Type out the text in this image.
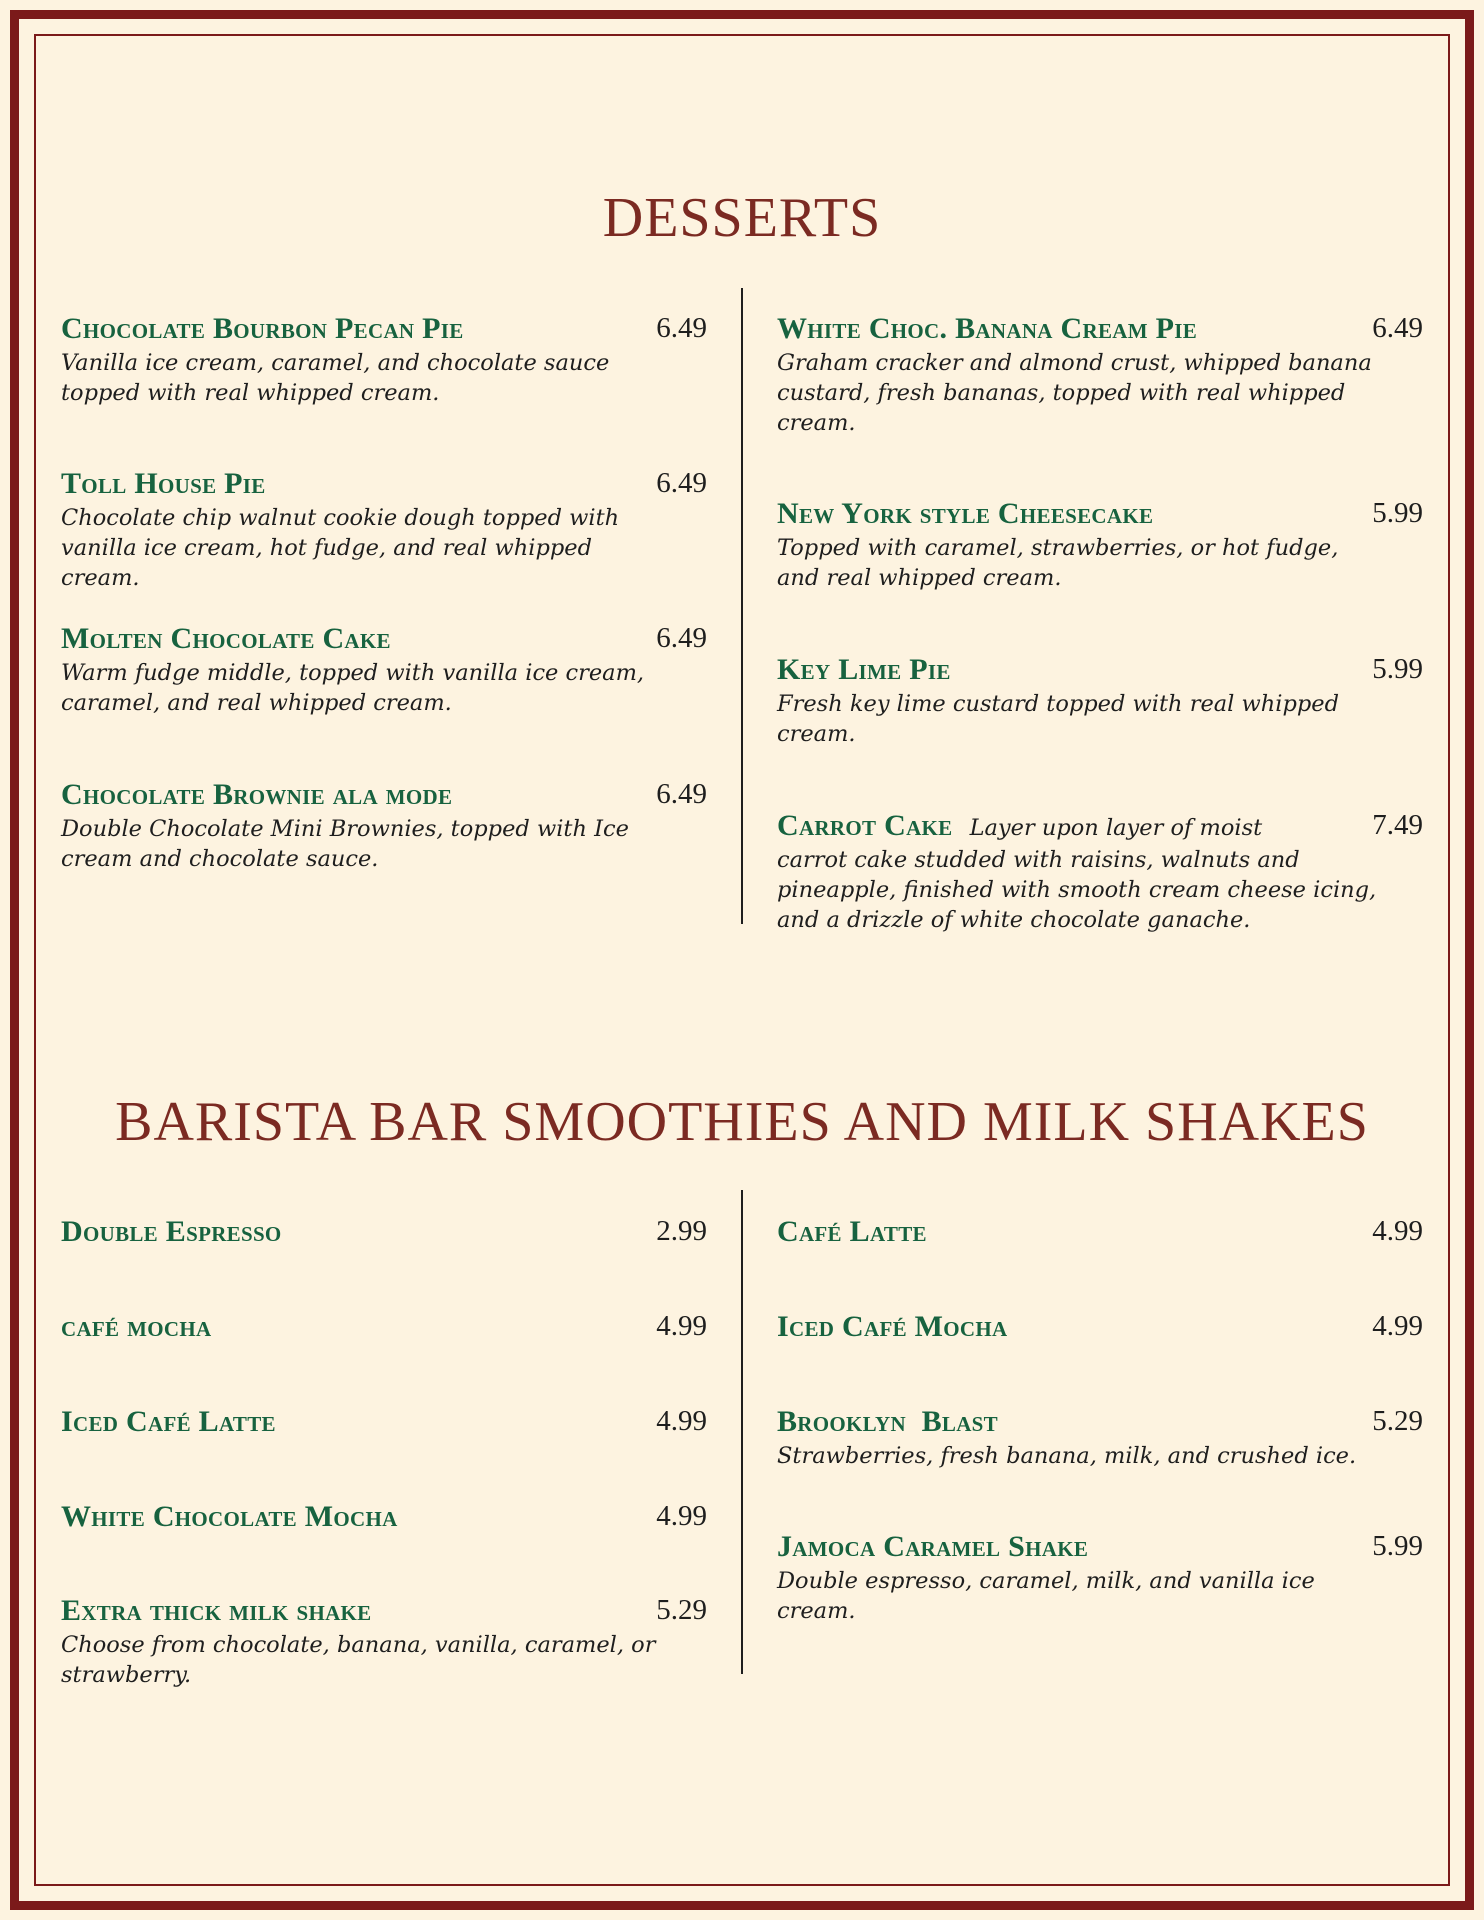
DESSERTS
Chocolate Bourbon Pecan Pie	6.49
Vanilla ice cream, caramel, and chocolate sauce topped with real whipped cream.
Toll House Pie	6.49
Chocolate chip walnut cookie dough topped with vanilla ice cream, hot fudge, and real whipped cream.
Molten Chocolate Cake	6.49
Warm fudge middle, topped with vanilla ice cream, caramel, and real whipped cream.
Chocolate Brownie ala mode	6.49
Double Chocolate Mini Brownies, topped with Ice cream and chocolate sauce.
White Choc. Banana Cream Pie	6.49
Graham cracker and almond crust, whipped banana custard, fresh bananas, topped with real whipped cream.
New York style Cheesecake	5.99
Topped with caramel, strawberries, or hot fudge, and real whipped cream.
Key Lime Pie	5.99
Fresh key lime custard topped with real whipped cream.
Carrot Cake Layer upon layer of moist	7.49
carrot cake studded with raisins, walnuts and pineapple, finished with smooth cream cheese icing, and a drizzle of white chocolate ganache.
BARISTA BAR SMOOTHIES AND MILK SHAKES
Double Espresso	2.99
café mocha	4.99
Iced Café Latte	4.99
White Chocolate Mocha	4.99
Extra thick milk shake	5.29
Choose from chocolate, banana, vanilla, caramel, or strawberry.
Café Latte	4.99
Iced Café Mocha	4.99
Brooklyn  Blast	5.29
Strawberries, fresh banana, milk, and crushed ice.
Jamoca Caramel Shake	5.99
Double espresso, caramel, milk, and vanilla ice cream.
